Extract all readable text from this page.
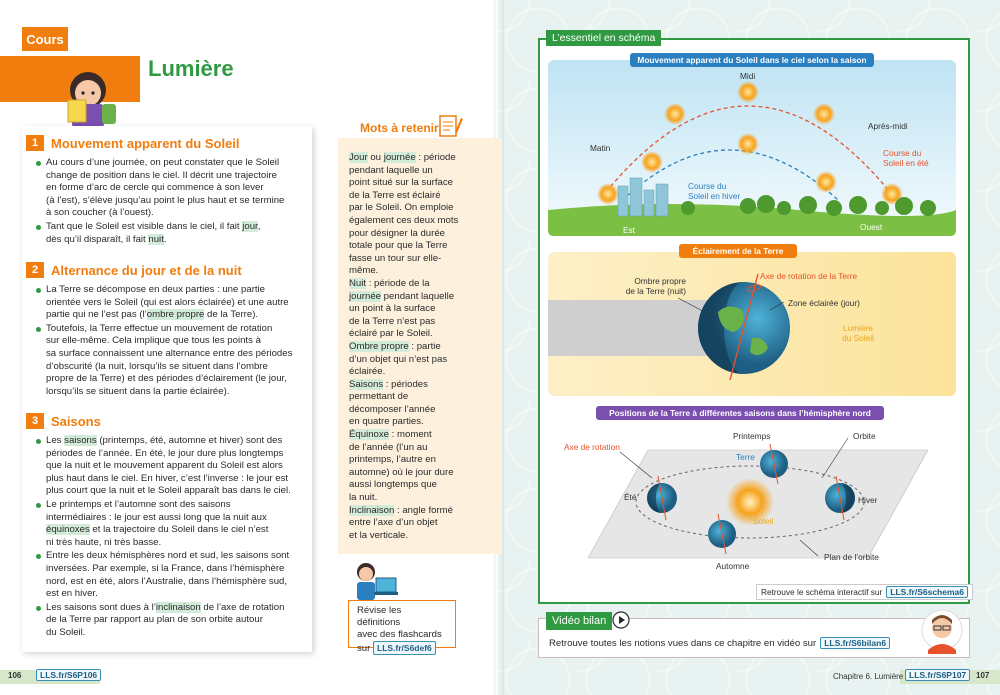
Cours
Lumière
1 Mouvement apparent du Soleil

Au cours d’une journée, on peut constater que le Soleil
change de position dans le ciel. Il décrit une trajectoire
en forme d’arc de cercle qui commence à son lever
(à l’est), s’élève jusqu’au point le plus haut et se termine
à son coucher (à l’ouest).

Tant que le Soleil est visible dans le ciel, il fait jour,
dès qu’il disparaît, il fait nuit.

2 Alternance du jour et de la nuit

La Terre se décompose en deux parties : une partie
orientée vers le Soleil (qui est alors éclairée) et une autre
partie qui ne l’est pas (l’ombre propre de la Terre).

Toutefois, la Terre effectue un mouvement de rotation
sur elle-même. Cela implique que tous les points à
sa surface connaissent une alternance entre des périodes
d’obscurité (la nuit, lorsqu’ils se situent dans l’ombre
propre de la Terre) et des périodes d’éclairement (le jour,
lorsqu’ils se situent dans la partie éclairée).

3 Saisons

Les saisons (printemps, été, automne et hiver) sont des
périodes de l’année. En été, le jour dure plus longtemps
que la nuit et le mouvement apparent du Soleil est alors
plus haut dans le ciel. En hiver, c’est l’inverse : le jour est
plus court que la nuit et le Soleil apparaît bas dans le ciel.

Le printemps et l’automne sont des saisons
intermédiaires : le jour est aussi long que la nuit aux
équinoxes et la trajectoire du Soleil dans le ciel n’est
ni très haute, ni très basse.

Entre les deux hémisphères nord et sud, les saisons sont
inversées. Par exemple, si la France, dans l’hémisphère
nord, est en été, alors l’Australie, dans l’hémisphère sud,
est en hiver.

Les saisons sont dues à l’inclinaison de l’axe de rotation
de la Terre par rapport au plan de son orbite autour
du Soleil.

Mots à retenir
Jour ou journée : période
pendant laquelle un
point situé sur la surface
de la Terre est éclairé
par le Soleil. On emploie
également ces deux mots
pour désigner la durée
totale pour que la Terre
fasse un tour sur elle-
même.
Nuit : période de la
journée pendant laquelle
un point à la surface
de la Terre n’est pas
éclairé par le Soleil.
Ombre propre : partie
d’un objet qui n’est pas
éclairée.
Saisons : périodes
permettant de
décomposer l’année
en quatre parties.
Équinoxe : moment
de l’année (l’un au
printemps, l’autre en
automne) où le jour dure
aussi longtemps que
la nuit.
Inclinaison : angle formé
entre l’axe d’un objet
et la verticale.
Révise les définitions
avec des flashcards
sur LLS.fr/S6def6
106	LLS.fr/S6P106	Chapitre 6. Lumière LLS.fr/S6P107	107
L’essentiel en schéma
Mouvement apparent du Soleil dans le ciel selon la saison
Midi
Matin
Après-midi
Course du
Soleil en hiver
Course du
Soleil en été
Est	Ouest
Éclairement de la Terre
Ombre propre
de la Terre (nuit)
Axe de rotation de la Terre
Zone éclairée (jour)
Lumière
du Soleil
Positions de la Terre à différentes saisons dans l’hémisphère nord
Axe de rotation
Printemps	Orbite
Terre
Été	Hiver
Soleil
Plan de l’orbite
Automne
Retrouve le schéma interactif sur LLS.fr/S6schema6
Vidéo bilan
Retrouve toutes les notions vues dans ce chapitre en vidéo sur LLS.fr/S6bilan6
